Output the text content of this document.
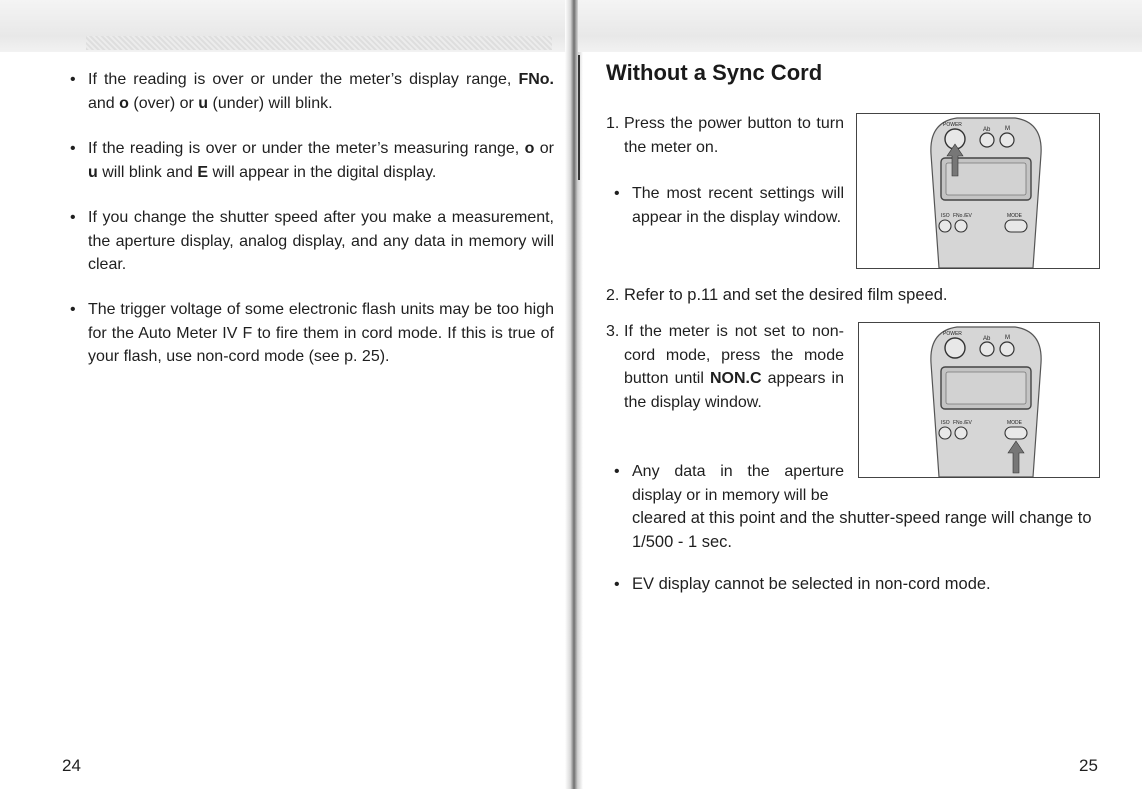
• If the reading is over or under the meter’s display range, FNo. and o (over) or u (under) will blink.
• If the reading is over or under the meter’s measuring range, o or u will blink and E will appear in the digital display.
• If you change the shutter speed after you make a measurement, the aperture display, analog display, and any data in memory will clear.
• The trigger voltage of some electronic flash units may be too high for the Auto Meter IV F to fire them in cord mode. If this is true of your flash, use non-cord mode (see p. 25).
24
Without a Sync Cord
1. Press the power button to turn the meter on.
• The most recent settings will appear in the display window.
POWER
Ab M
ISO FNo./EV	MODE
2. Refer to p.11 and set the desired film speed.
3. If the meter is not set to non-cord mode, press the mode button until NON.C appears in the display window.
POWER
Ab M
ISO FNo./EV	MODE
• Any data in the aperture
display or in memory will be
cleared at this point and the shutter-speed range will change to 1/500 - 1 sec.
• EV display cannot be selected in non-cord mode.
25
